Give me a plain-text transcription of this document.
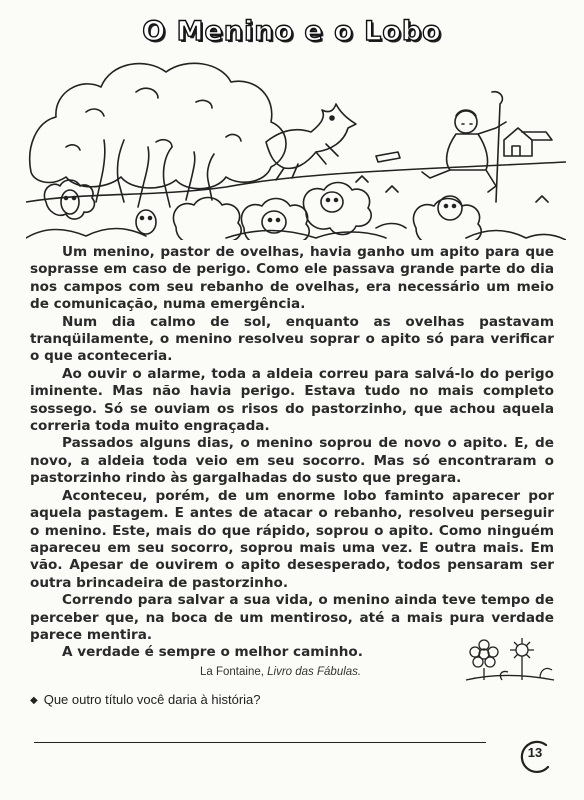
O Menino e o Lobo

Um menino, pastor de ovelhas, havia ganho um apito para que soprasse em caso de perigo. Como ele passava grande parte do dia nos campos com seu rebanho de ovelhas, era necessário um meio de comunicação, numa emergência.

Num dia calmo de sol, enquanto as ovelhas pastavam tranqüilamente, o menino resolveu soprar o apito só para verificar o que aconteceria.

Ao ouvir o alarme, toda a aldeia correu para salvá-lo do perigo iminente. Mas não havia perigo. Estava tudo no mais completo sossego. Só se ouviam os risos do pastorzinho, que achou aquela correria toda muito engraçada.

Passados alguns dias, o menino soprou de novo o apito. E, de novo, a aldeia toda veio em seu socorro. Mas só encontraram o pastorzinho rindo às gargalhadas do susto que pregara.

Aconteceu, porém, de um enorme lobo faminto aparecer por aquela pastagem. E antes de atacar o rebanho, resolveu perseguir o menino. Este, mais do que rápido, soprou o apito. Como ninguém apareceu em seu socorro, soprou mais uma vez. E outra mais. Em vão. Apesar de ouvirem o apito desesperado, todos pensaram ser outra brincadeira de pastorzinho.

Correndo para salvar a sua vida, o menino ainda teve tempo de perceber que, na boca de um mentiroso, até a mais pura verdade parece mentira.

A verdade é sempre o melhor caminho.

La Fontaine, Livro das Fábulas.
◆ Que outro título você daria à história?
13
